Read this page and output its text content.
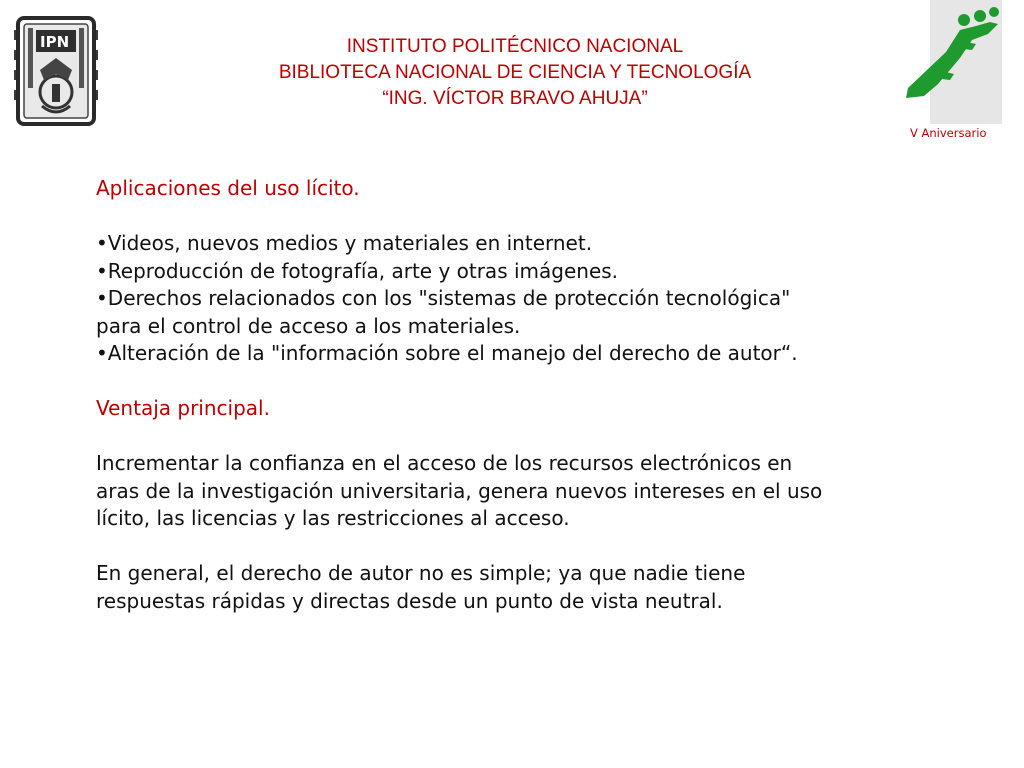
IPN	INSTITUTO POLITÉCNICO NACIONAL
BIBLIOTECA NACIONAL DE CIENCIA Y TECNOLOGÍA
“ING. VÍCTOR BRAVO AHUJA”
V Aniversario

Aplicaciones del uso lícito.

•Videos, nuevos medios y materiales en internet.

•Reproducción de fotografía, arte y otras imágenes.

•Derechos relacionados con los "sistemas de protección tecnológica"

para el control de acceso a los materiales.

•Alteración de la "información sobre el manejo del derecho de autor“.

Ventaja principal.

Incrementar la confianza en el acceso de los recursos electrónicos en

aras de la investigación universitaria, genera nuevos intereses en el uso

lícito, las licencias y las restricciones al acceso.

En general, el derecho de autor no es simple; ya que nadie tiene

respuestas rápidas y directas desde un punto de vista neutral.
